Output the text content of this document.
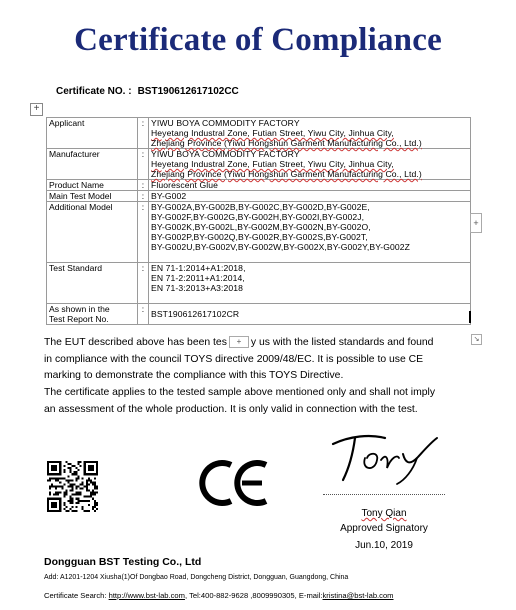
Certificate of Compliance
Certificate NO. : BST190612617102CC
+
Applicant	:	YIWU BOYA COMMODITY FACTORY
Heyetang Industral Zone, Futian Street, Yiwu City, Jinhua City,
Zhejiang Province (Yiwu Hongshun Garment Manufacturing Co., Ltd.)

Manufacturer	:	YIWU BOYA COMMODITY FACTORY
Heyetang Industral Zone, Futian Street, Yiwu City, Jinhua City,
Zhejiang Province (Yiwu Hongshun Garment Manufacturing Co., Ltd.)

Product Name	:	Fluorescent Glue
Main Test Model	:	BY-G002
Additional Model	:	BY-G002A,BY-G002B,BY-G002C,BY-G002D,BY-G002E,
BY-G002F,BY-G002G,BY-G002H,BY-G002I,BY-G002J,
BY-G002K,BY-G002L,BY-G002M,BY-G002N,BY-G002O,
BY-G002P,BY-G002Q,BY-G002R,BY-G002S,BY-G002T,
BY-G002U,BY-G002V,BY-G002W,BY-G002X,BY-G002Y,BY-G002Z

Test Standard	:	EN 71-1:2014+A1:2018,
EN 71-2:2011+A1:2014,
EN 71-3:2013+A3:2018

As shown in the
Test Report No.	:	BST190612617102CR
+
↘
The EUT described above has been tes + y us with the listed standards and found
in compliance with the council TOYS directive 2009/48/EC. It is possible to use CE
marking to demonstrate the compliance with this TOYS Directive.
The certificate applies to the tested sample above mentioned only and shall not imply
an assessment of the whole production. It is only valid in connection with the test.
Tony Qian
Approved Signatory
Jun.10, 2019
Dongguan BST Testing Co., Ltd
Add: A1201-1204 Xiusha(1)Of Dongbao Road, Dongcheng District, Dongguan, Guangdong, China
Certificate Search: http://www.bst-lab.com, Tel:400-882-9628 ,8009990305, E-mail:kristina@bst-lab.com
